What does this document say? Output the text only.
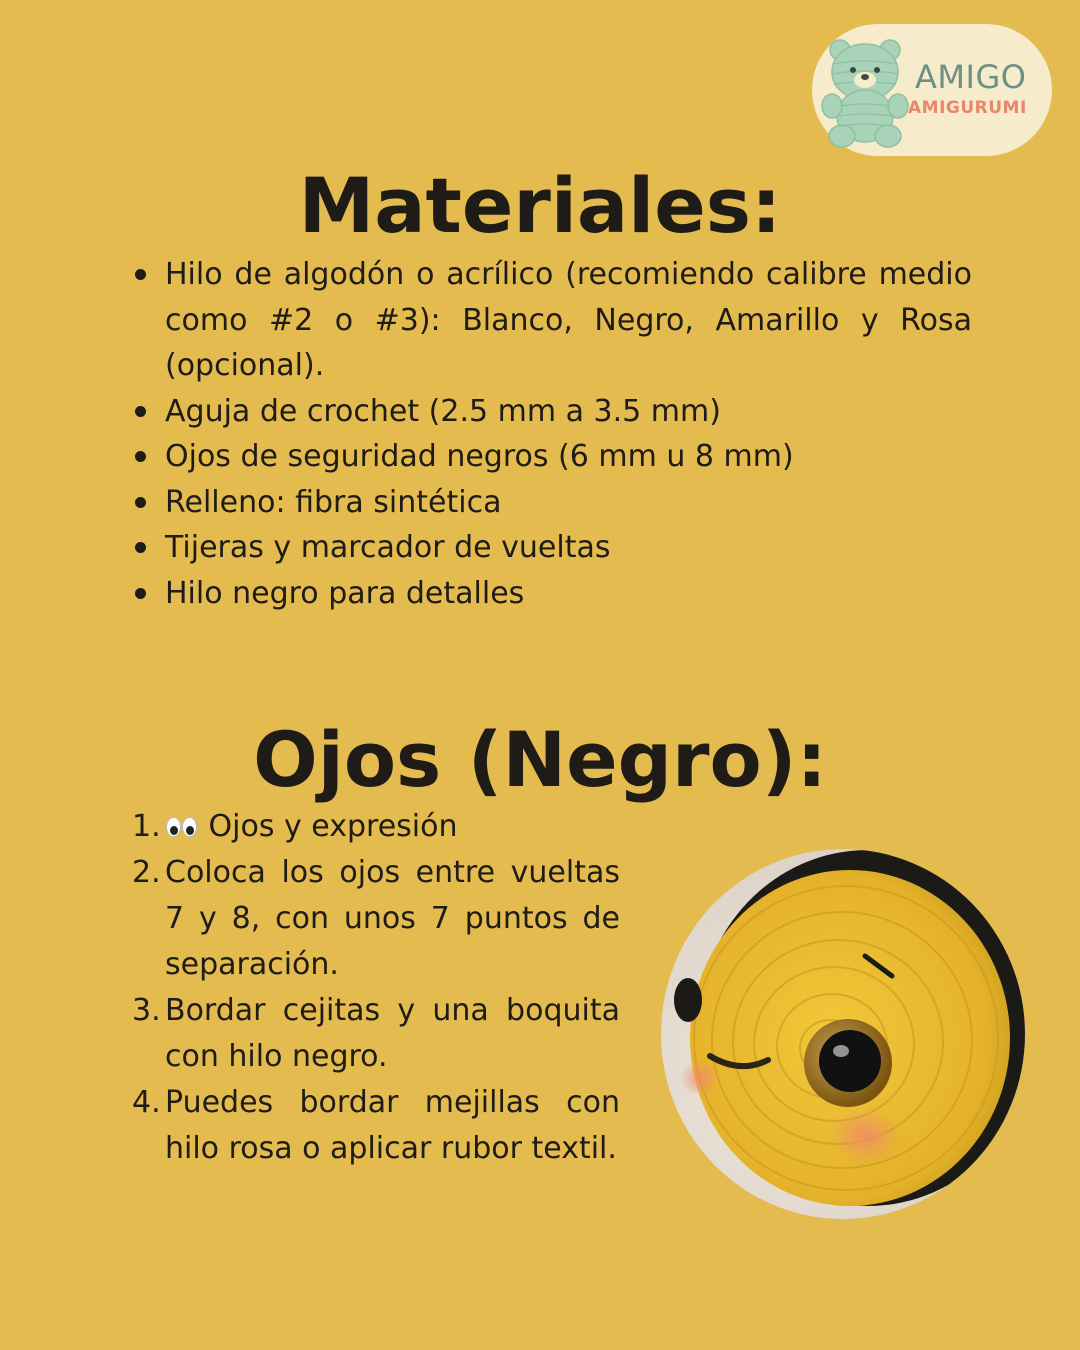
AMIGO
AMIGURUMI
Materiales:
Hilo de algodón o acrílico (recomiendo calibre medio como #2 o #3): Blanco, Negro, Amarillo y Rosa (opcional).
Aguja de crochet (2.5 mm a 3.5 mm)
Ojos de seguridad negros (6 mm u 8 mm)
Relleno: fibra sintética
Tijeras y marcador de vueltas
Hilo negro para detalles
Ojos (Negro):
1. Ojos y expresión
2. Coloca los ojos entre vueltas 7 y 8, con unos 7 puntos de separación.
3. Bordar cejitas y una boquita con hilo negro.
4. Puedes bordar mejillas con hilo rosa o aplicar rubor textil.
